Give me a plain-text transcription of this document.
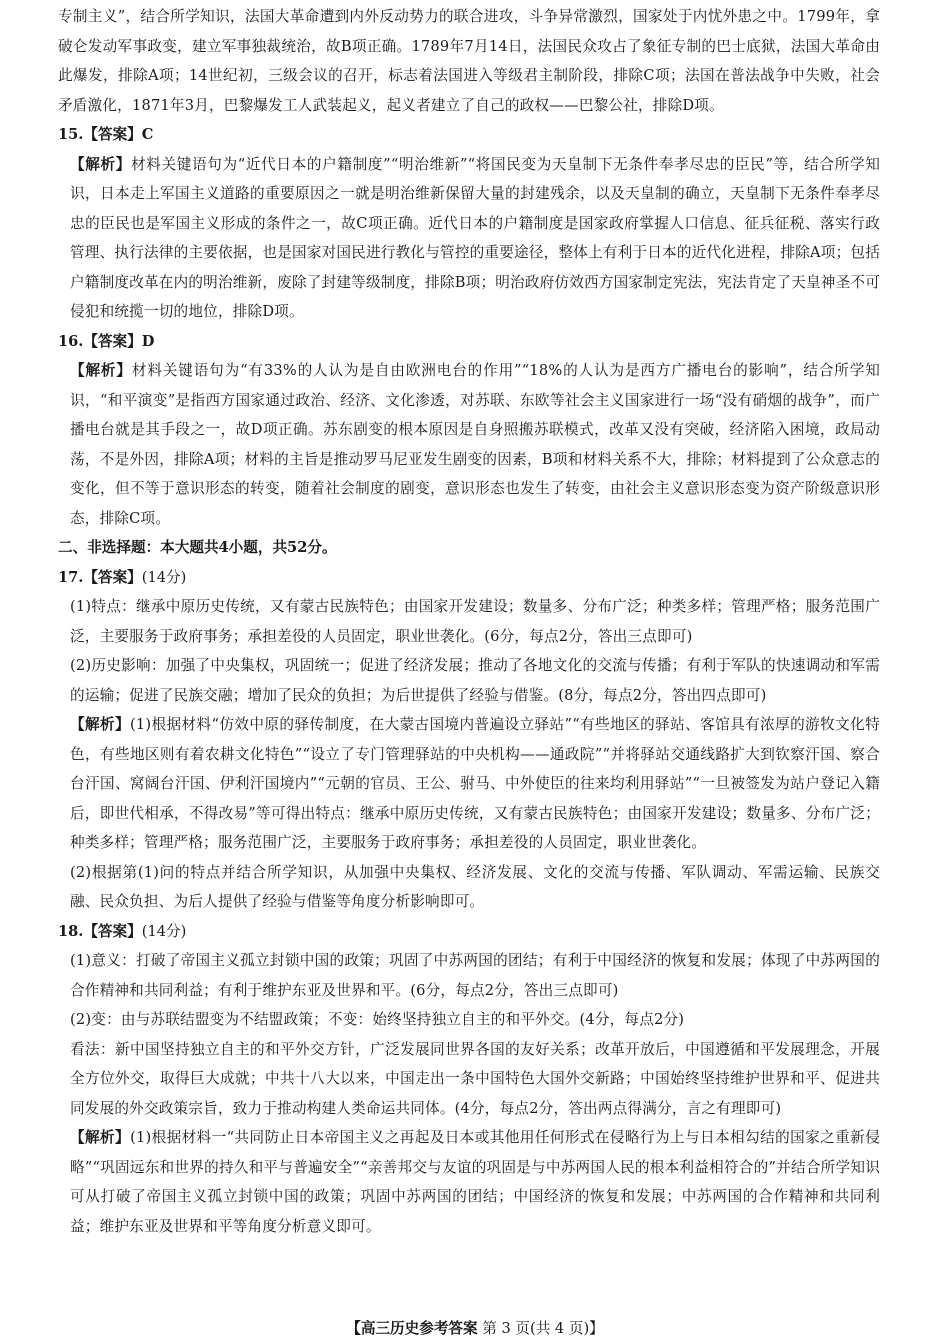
专制主义”，结合所学知识，法国大革命遭到内外反动势力的联合进攻，斗争异常激烈，国家处于内忧外患之中。1799年，拿破仑发动军事政变，建立军事独裁统治，故B项正确。1789年7月14日，法国民众攻占了象征专制的巴士底狱，法国大革命由此爆发，排除A项；14世纪初，三级会议的召开，标志着法国进入等级君主制阶段，排除C项；法国在普法战争中失败，社会矛盾激化，1871年3月，巴黎爆发工人武装起义，起义者建立了自己的政权——巴黎公社，排除D项。

15.【答案】C

【解析】材料关键语句为“近代日本的户籍制度”“明治维新”“将国民变为天皇制下无条件奉孝尽忠的臣民”等，结合所学知识，日本走上军国主义道路的重要原因之一就是明治维新保留大量的封建残余，以及天皇制的确立，天皇制下无条件奉孝尽忠的臣民也是军国主义形成的条件之一，故C项正确。近代日本的户籍制度是国家政府掌握人口信息、征兵征税、落实行政管理、执行法律的主要依据，也是国家对国民进行教化与管控的重要途径，整体上有利于日本的近代化进程，排除A项；包括户籍制度改革在内的明治维新，废除了封建等级制度，排除B项；明治政府仿效西方国家制定宪法，宪法肯定了天皇神圣不可侵犯和统揽一切的地位，排除D项。

16.【答案】D

【解析】材料关键语句为“有33%的人认为是自由欧洲电台的作用”“18%的人认为是西方广播电台的影响”，结合所学知识，“和平演变”是指西方国家通过政治、经济、文化渗透，对苏联、东欧等社会主义国家进行一场“没有硝烟的战争”，而广播电台就是其手段之一，故D项正确。苏东剧变的根本原因是自身照搬苏联模式，改革又没有突破，经济陷入困境，政局动荡，不是外因，排除A项；材料的主旨是推动罗马尼亚发生剧变的因素，B项和材料关系不大，排除；材料提到了公众意志的变化，但不等于意识形态的转变，随着社会制度的剧变，意识形态也发生了转变，由社会主义意识形态变为资产阶级意识形态，排除C项。

二、非选择题：本大题共4小题，共52分。

17.【答案】(14分)

(1)特点：继承中原历史传统，又有蒙古民族特色；由国家开发建设；数量多、分布广泛；种类多样；管理严格；服务范围广泛，主要服务于政府事务；承担差役的人员固定，职业世袭化。(6分，每点2分，答出三点即可)

(2)历史影响：加强了中央集权，巩固统一；促进了经济发展；推动了各地文化的交流与传播；有利于军队的快速调动和军需的运输；促进了民族交融；增加了民众的负担；为后世提供了经验与借鉴。(8分，每点2分，答出四点即可)

【解析】(1)根据材料“仿效中原的驿传制度，在大蒙古国境内普遍设立驿站”“有些地区的驿站、客馆具有浓厚的游牧文化特色，有些地区则有着农耕文化特色”“设立了专门管理驿站的中央机构——通政院”“并将驿站交通线路扩大到钦察汗国、察合台汗国、窝阔台汗国、伊利汗国境内”“元朝的官员、王公、驸马、中外使臣的往来均利用驿站”“一旦被签发为站户登记入籍后，即世代相承，不得改易”等可得出特点：继承中原历史传统，又有蒙古民族特色；由国家开发建设；数量多、分布广泛；种类多样；管理严格；服务范围广泛，主要服务于政府事务；承担差役的人员固定，职业世袭化。

(2)根据第(1)问的特点并结合所学知识，从加强中央集权、经济发展、文化的交流与传播、军队调动、军需运输、民族交融、民众负担、为后人提供了经验与借鉴等角度分析影响即可。

18.【答案】(14分)

(1)意义：打破了帝国主义孤立封锁中国的政策；巩固了中苏两国的团结；有利于中国经济的恢复和发展；体现了中苏两国的合作精神和共同利益；有利于维护东亚及世界和平。(6分，每点2分，答出三点即可)

(2)变：由与苏联结盟变为不结盟政策；不变：始终坚持独立自主的和平外交。(4分，每点2分)

看法：新中国坚持独立自主的和平外交方针，广泛发展同世界各国的友好关系；改革开放后，中国遵循和平发展理念，开展全方位外交，取得巨大成就；中共十八大以来，中国走出一条中国特色大国外交新路；中国始终坚持维护世界和平、促进共同发展的外交政策宗旨，致力于推动构建人类命运共同体。(4分，每点2分，答出两点得满分，言之有理即可)

【解析】(1)根据材料一“共同防止日本帝国主义之再起及日本或其他用任何形式在侵略行为上与日本相勾结的国家之重新侵略”“巩固远东和世界的持久和平与普遍安全”“亲善邦交与友谊的巩固是与中苏两国人民的根本利益相符合的”并结合所学知识可从打破了帝国主义孤立封锁中国的政策；巩固中苏两国的团结；中国经济的恢复和发展；中苏两国的合作精神和共同利益；维护东亚及世界和平等角度分析意义即可。

【高三历史参考答案 第 3 页(共 4 页)】
